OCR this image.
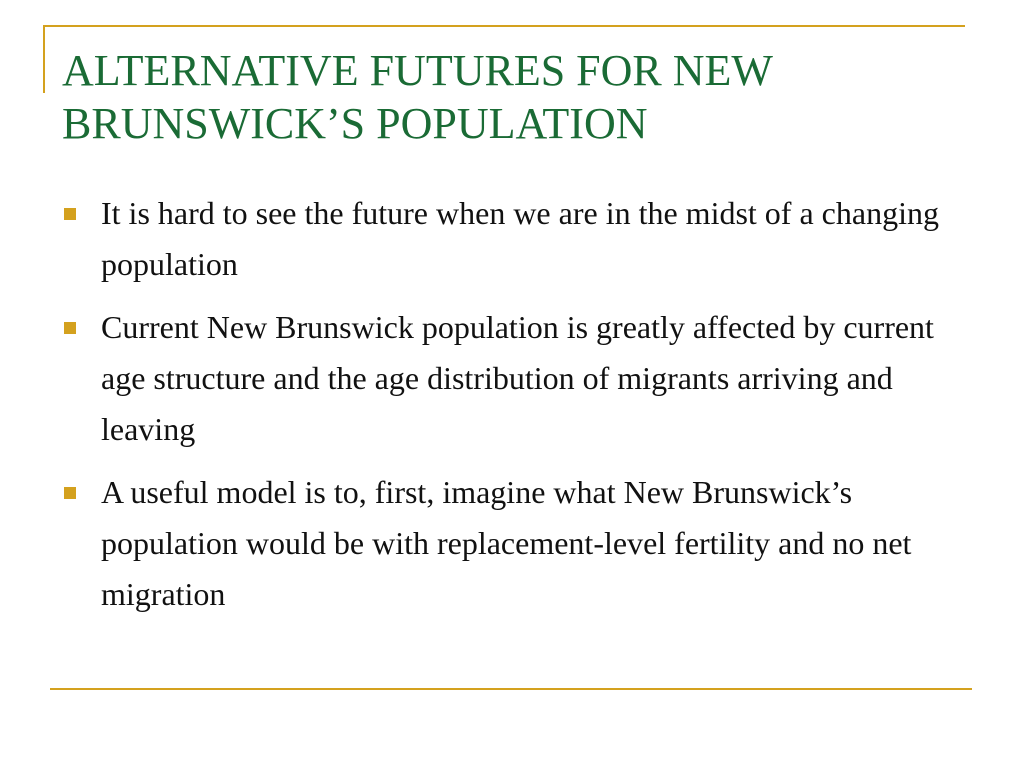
ALTERNATIVE FUTURES FOR NEW BRUNSWICK’S POPULATION
It is hard to see the future when we are in the midst of a changing population
Current New Brunswick population is greatly affected by current age structure and the age distribution of migrants arriving and leaving
A useful model is to, first, imagine what New Brunswick’s population would be with replacement-level fertility and no net migration
